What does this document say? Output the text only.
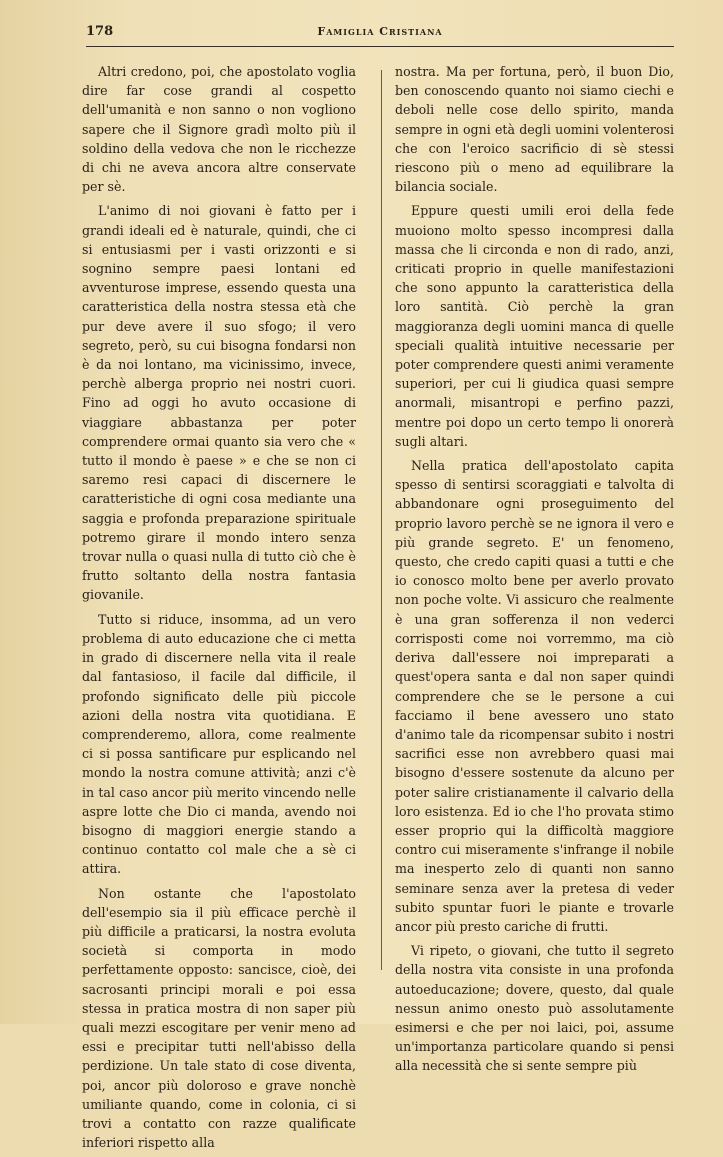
178	Famiglia Cristiana

Altri credono, poi, che apostolato voglia dire far cose grandi al cospetto dell'umanità e non sanno o non vogliono sapere che il Signore gradì molto più il soldino della vedova che non le ricchezze di chi ne aveva ancora altre conservate per sè.

L'animo di noi giovani è fatto per i grandi ideali ed è naturale, quindi, che ci si entusiasmi per i vasti orizzonti e si sognino sempre paesi lontani ed avventurose imprese, essendo questa una caratteristica della nostra stessa età che pur deve avere il suo sfogo; il vero segreto, però, su cui bisogna fondarsi non è da noi lontano, ma vicinissimo, invece, perchè alberga proprio nei nostri cuori. Fino ad oggi ho avuto occasione di viaggiare abbastanza per poter comprendere ormai quanto sia vero che « tutto il mondo è paese » e che se non ci saremo resi capaci di discernere le caratteristiche di ogni cosa mediante una saggia e profonda preparazione spirituale potremo girare il mondo intero senza trovar nulla o quasi nulla di tutto ciò che è frutto soltanto della nostra fantasia giovanile.

Tutto si riduce, insomma, ad un vero problema di auto educazione che ci metta in grado di discernere nella vita il reale dal fantasioso, il facile dal difficile, il profondo significato delle più piccole azioni della nostra vita quotidiana. E comprenderemo, allora, come realmente ci si possa santificare pur esplicando nel mondo la nostra comune attività; anzi c'è in tal caso ancor più merito vincendo nelle aspre lotte che Dio ci manda, avendo noi bisogno di maggiori energie stando a continuo contatto col male che a sè ci attira.

Non ostante che l'apostolato dell'esempio sia il più efficace perchè il più difficile a praticarsi, la nostra evoluta società si comporta in modo perfettamente opposto: sancisce, cioè, dei sacrosanti principi morali e poi essa stessa in pratica mostra di non saper più quali mezzi escogitare per venir meno ad essi e precipitar tutti nell'abisso della perdizione. Un tale stato di cose diventa, poi, ancor più doloroso e grave nonchè umiliante quando, come in colonia, ci si trovi a contatto con razze qualificate inferiori rispetto alla

nostra. Ma per fortuna, però, il buon Dio, ben conoscendo quanto noi siamo ciechi e deboli nelle cose dello spirito, manda sempre in ogni età degli uomini volenterosi che con l'eroico sacrificio di sè stessi riescono più o meno ad equilibrare la bilancia sociale.

Eppure questi umili eroi della fede muoiono molto spesso incompresi dalla massa che li circonda e non di rado, anzi, criticati proprio in quelle manifestazioni che sono appunto la caratteristica della loro santità. Ciò perchè la gran maggioranza degli uomini manca di quelle speciali qualità intuitive necessarie per poter comprendere questi animi veramente superiori, per cui li giudica quasi sempre anormali, misantropi e perfino pazzi, mentre poi dopo un certo tempo li onorerà sugli altari.

Nella pratica dell'apostolato capita spesso di sentirsi scoraggiati e talvolta di abbandonare ogni proseguimento del proprio lavoro perchè se ne ignora il vero e più grande segreto. E' un fenomeno, questo, che credo capiti quasi a tutti e che io conosco molto bene per averlo provato non poche volte. Vi assicuro che realmente è una gran sofferenza il non vederci corrisposti come noi vorremmo, ma ciò deriva dall'essere noi impreparati a quest'opera santa e dal non saper quindi comprendere che se le persone a cui facciamo il bene avessero uno stato d'animo tale da ricompensar subito i nostri sacrifici esse non avrebbero quasi mai bisogno d'essere sostenute da alcuno per poter salire cristianamente il calvario della loro esistenza. Ed io che l'ho provata stimo esser proprio qui la difficoltà maggiore contro cui miseramente s'infrange il nobile ma inesperto zelo di quanti non sanno seminare senza aver la pretesa di veder subito spuntar fuori le piante e trovarle ancor più presto cariche di frutti.

Vi ripeto, o giovani, che tutto il segreto della nostra vita consiste in una profonda autoeducazione; dovere, questo, dal quale nessun animo onesto può assolutamente esimersi e che per noi laici, poi, assume un'importanza particolare quando si pensi alla necessità che si sente sempre più
